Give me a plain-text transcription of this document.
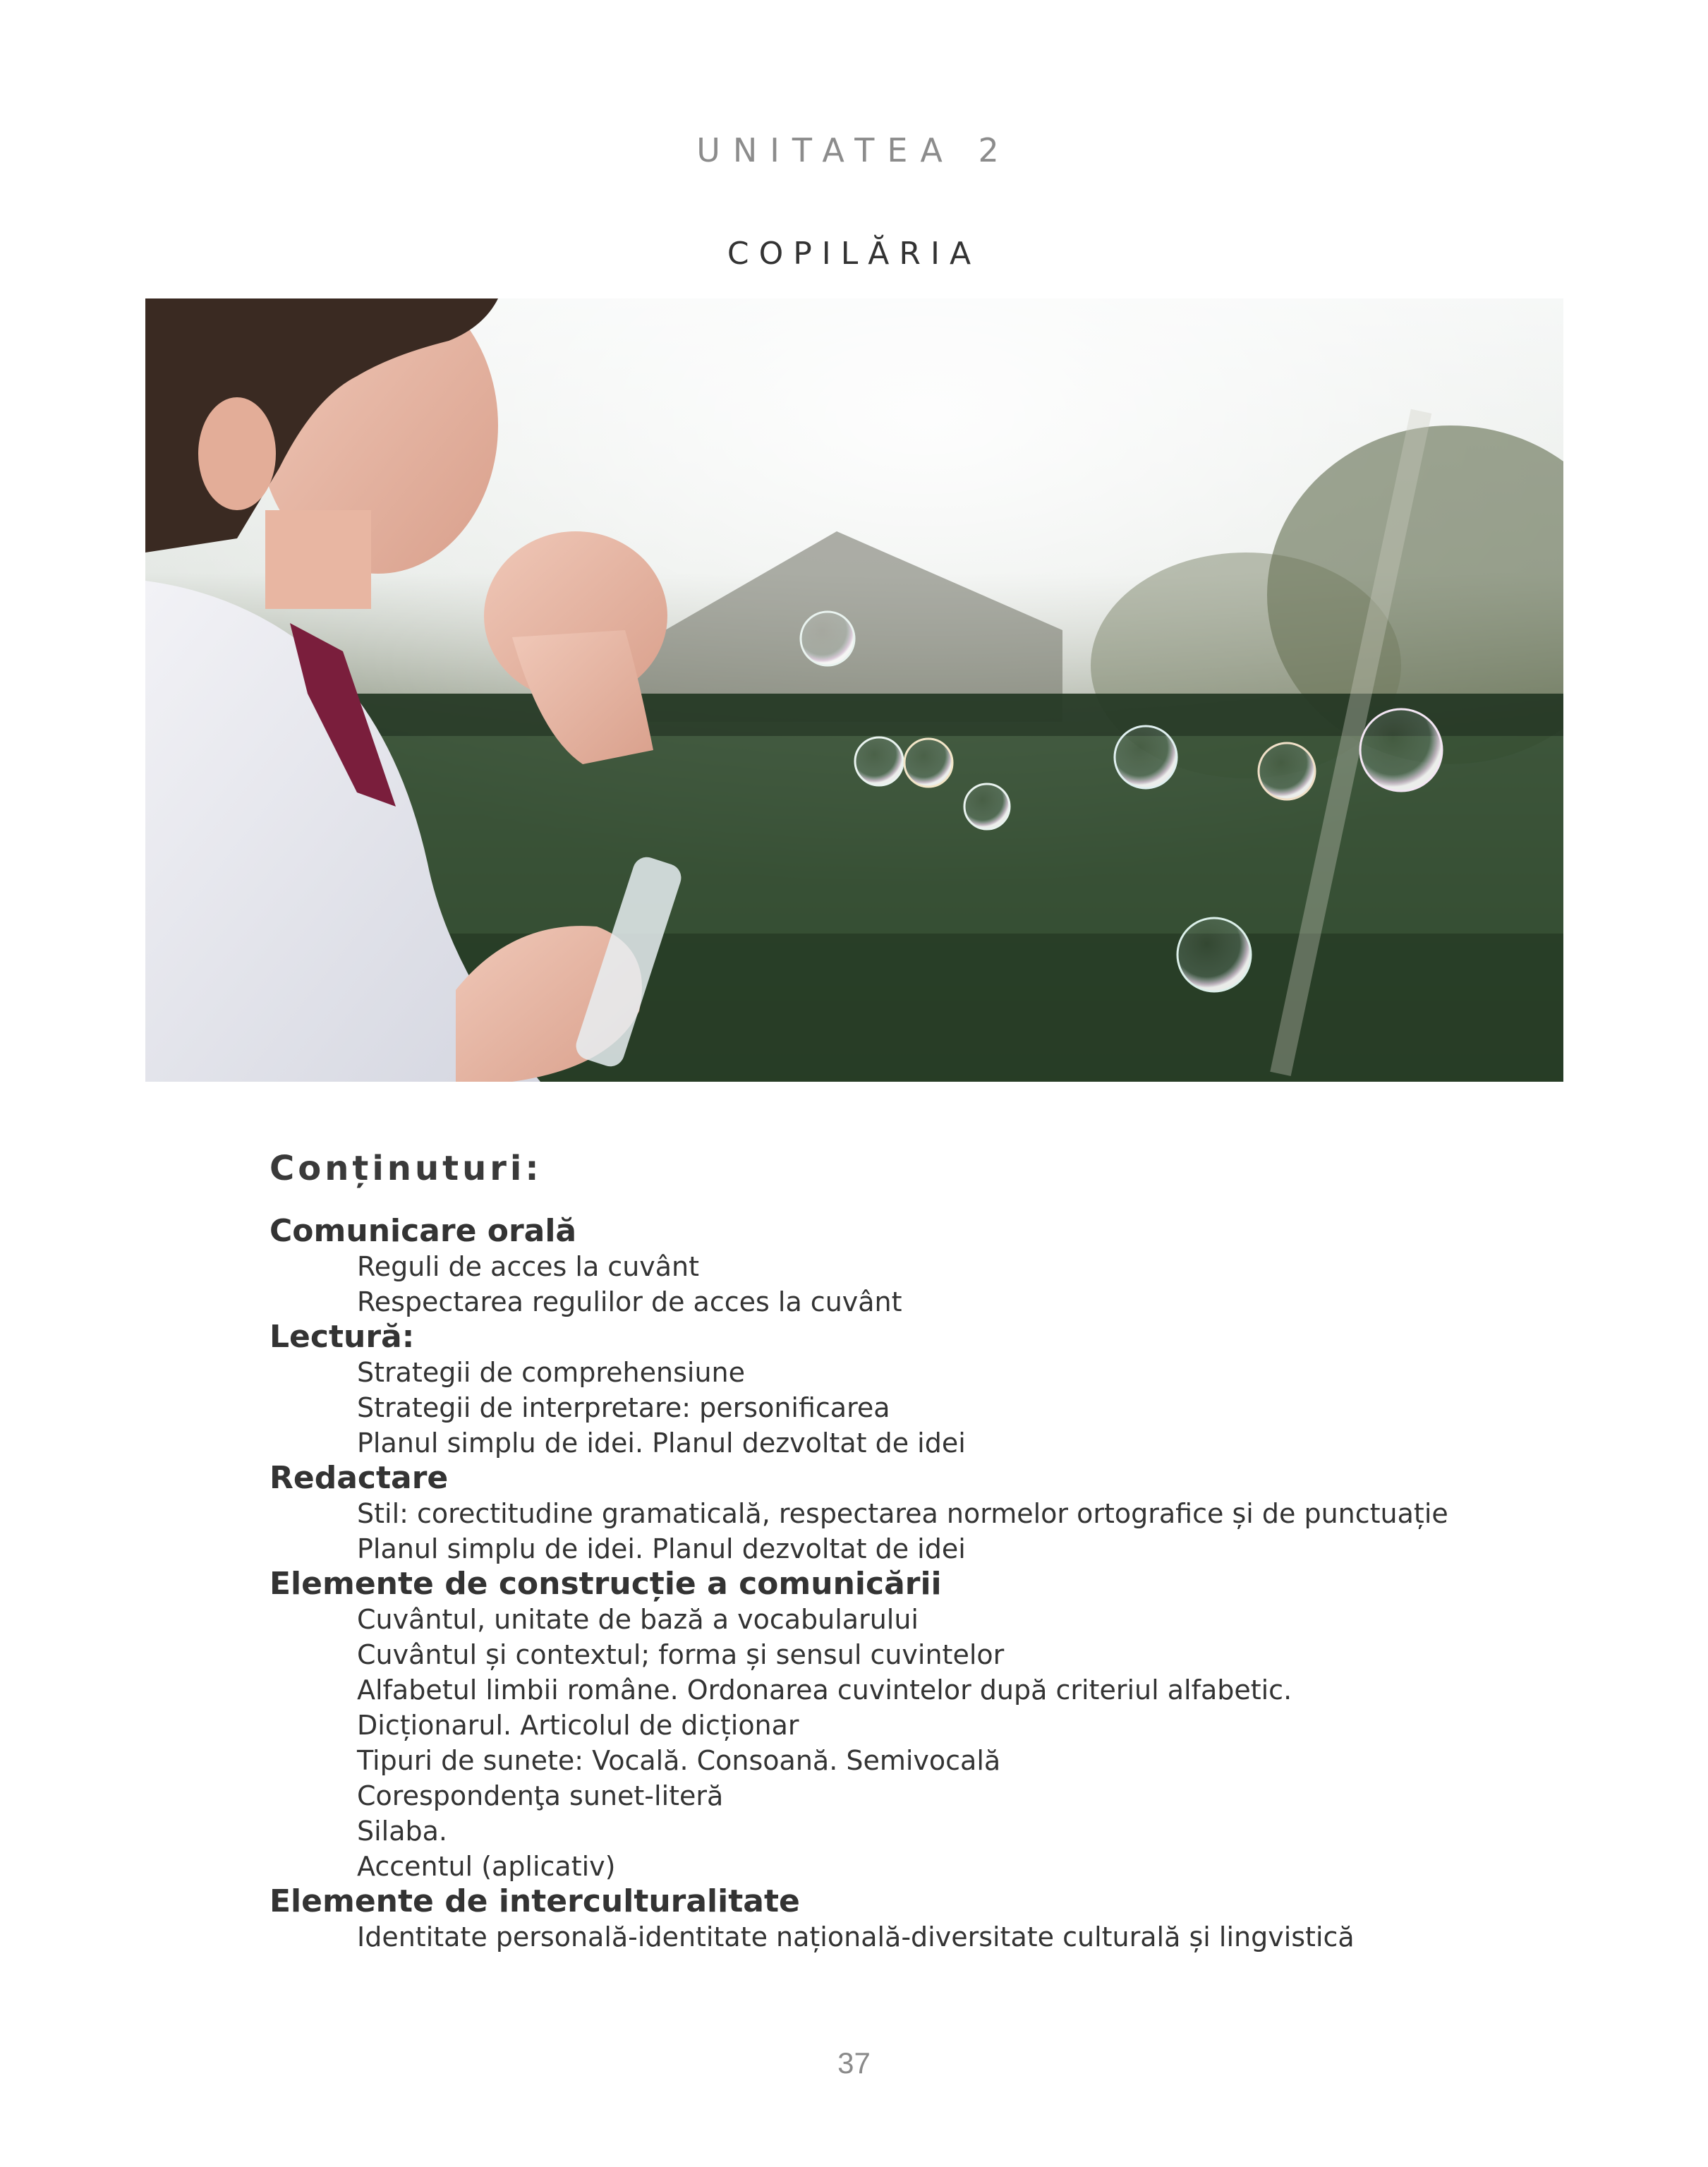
UNITATEA 2
COPILĂRIA
Conținuturi:
Comunicare orală
Reguli de acces la cuvânt
Respectarea regulilor de acces la cuvânt
Lectură:
Strategii de comprehensiune
Strategii de interpretare: personificarea
Planul simplu de idei. Planul dezvoltat de idei
Redactare
Stil: corectitudine gramaticală, respectarea normelor ortografice și de punctuație
Planul simplu de idei. Planul dezvoltat de idei
Elemente de construcție a comunicării
Cuvântul, unitate de bază a vocabularului
Cuvântul și contextul; forma și sensul cuvintelor
Alfabetul limbii române. Ordonarea cuvintelor după criteriul alfabetic.
Dicționarul. Articolul de dicționar
Tipuri de sunete: Vocală. Consoană. Semivocală
Corespondenţa sunet-literă
Silaba.
Accentul (aplicativ)
Elemente de interculturalitate
Identitate personală-identitate națională-diversitate culturală și lingvistică
37
